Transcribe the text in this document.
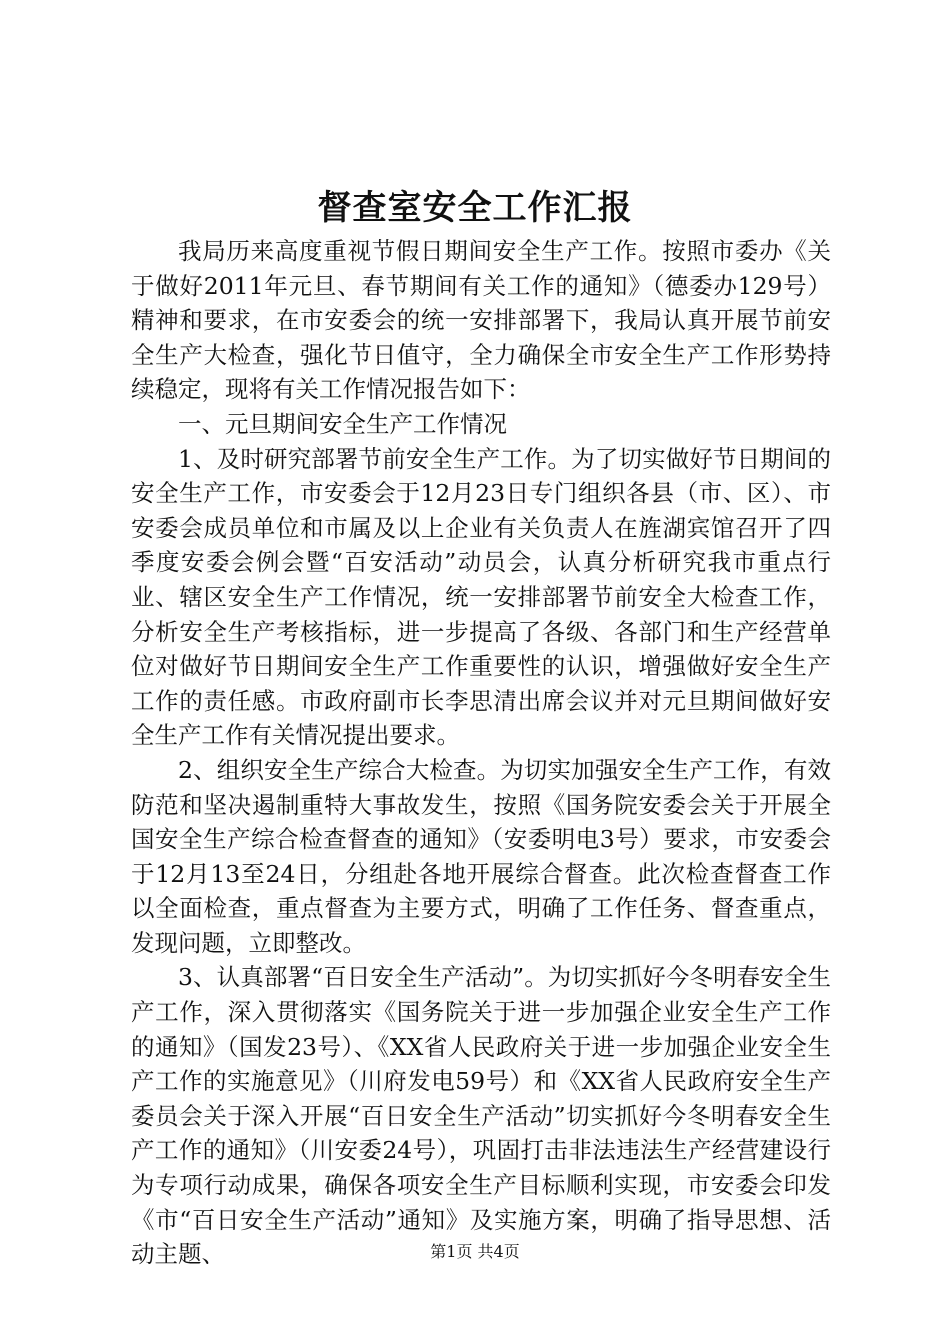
督查室安全工作汇报

我局历来高度重视节假日期间安全生产工作。按照市委办《关于做好2011年元旦、春节期间有关工作的通知》（德委办129号）精神和要求，在市安委会的统一安排部署下，我局认真开展节前安全生产大检查，强化节日值守，全力确保全市安全生产工作形势持续稳定，现将有关工作情况报告如下：

一、元旦期间安全生产工作情况

1、及时研究部署节前安全生产工作。为了切实做好节日期间的安全生产工作，市安委会于12月23日专门组织各县（市、区）、市安委会成员单位和市属及以上企业有关负责人在旌湖宾馆召开了四季度安委会例会暨“百安活动”动员会，认真分析研究我市重点行业、辖区安全生产工作情况，统一安排部署节前安全大检查工作，分析安全生产考核指标，进一步提高了各级、各部门和生产经营单位对做好节日期间安全生产工作重要性的认识，增强做好安全生产工作的责任感。市政府副市长李思清出席会议并对元旦期间做好安全生产工作有关情况提出要求。

2、组织安全生产综合大检查。为切实加强安全生产工作，有效防范和坚决遏制重特大事故发生，按照《国务院安委会关于开展全国安全生产综合检查督查的通知》（安委明电3号）要求，市安委会于12月13至24日，分组赴各地开展综合督查。此次检查督查工作以全面检查，重点督查为主要方式，明确了工作任务、督查重点，发现问题，立即整改。

3、认真部署“百日安全生产活动”。为切实抓好今冬明春安全生产工作，深入贯彻落实《国务院关于进一步加强企业安全生产工作的通知》（国发23号）、《XX省人民政府关于进一步加强企业安全生产工作的实施意见》（川府发电59号）和《XX省人民政府安全生产委员会关于深入开展“百日安全生产活动”切实抓好今冬明春安全生产工作的通知》（川安委24号），巩固打击非法违法生产经营建设行为专项行动成果，确保各项安全生产目标顺利实现，市安委会印发《市“百日安全生产活动”通知》及实施方案，明确了指导思想、活动主题、	第1页 共4页
